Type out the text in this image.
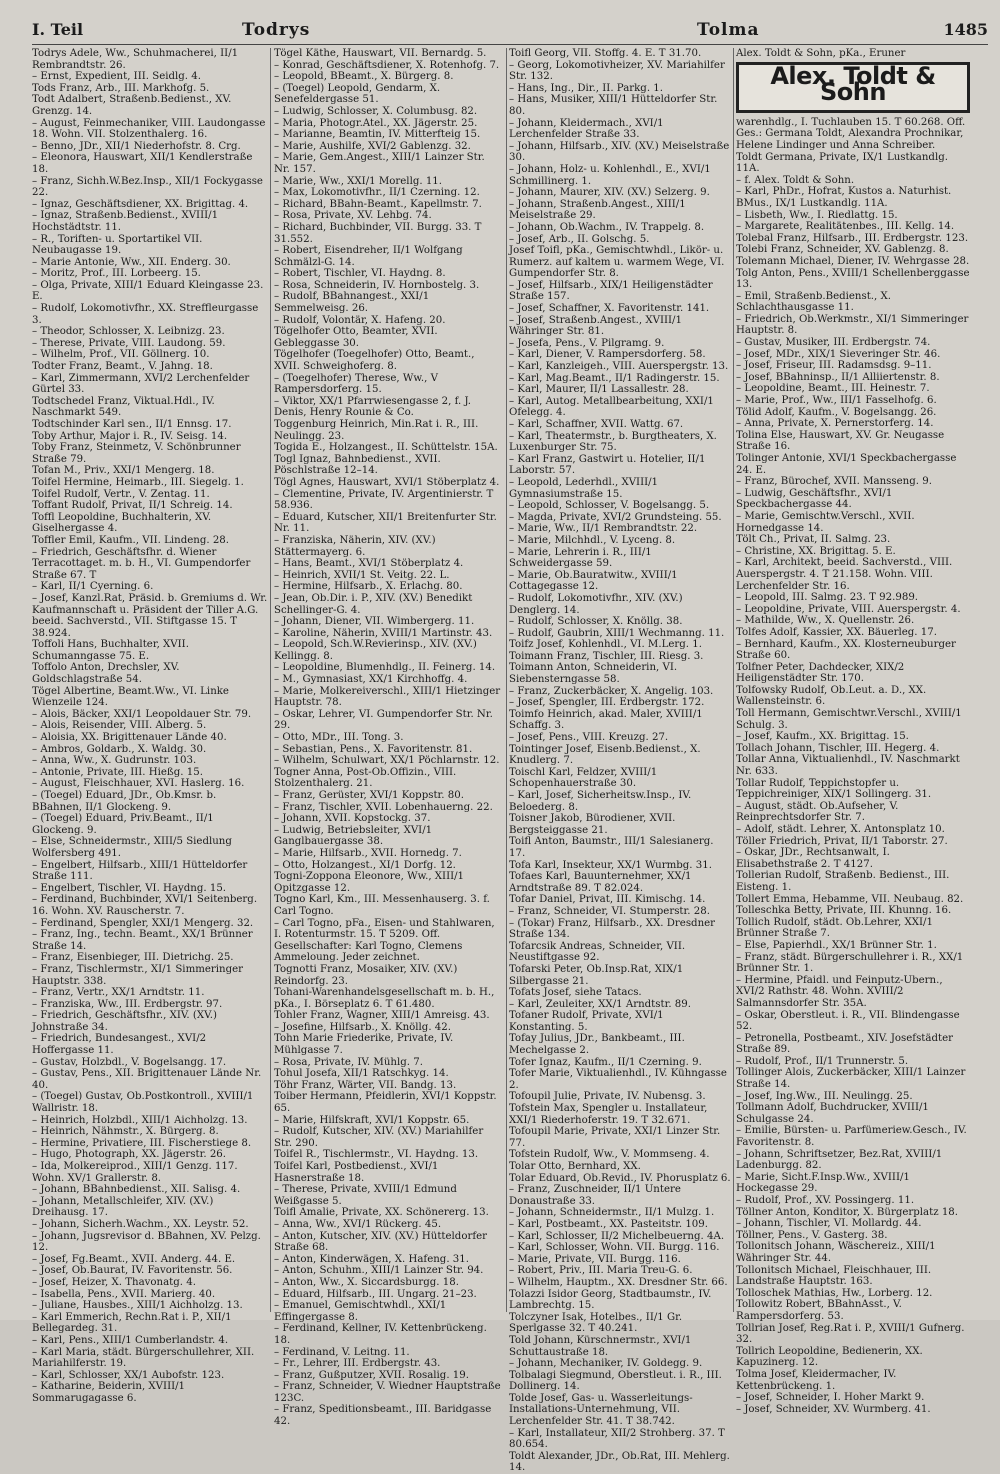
I. Teil	Todrys	Tolma	1485

Todrys Adele, Ww., Schuhmacherei, II/1 Rembrandtstr. 26.

– Ernst, Expedient, III. Seidlg. 4.

Tods Franz, Arb., III. Markhofg. 5.

Todt Adalbert, Straßenb.Bedienst., XV. Grenzg. 14.

– August, Feinmechaniker, VIII. Laudongasse 18. Wohn. VII. Stolzenthalerg. 16.

– Benno, JDr., XII/1 Niederhofstr. 8. Crg.

– Eleonora, Hauswart, XII/1 Kendlerstraße 18.

– Franz, Sichh.W.Bez.Insp., XII/1 Fockygasse 22.

– Ignaz, Geschäftsdiener, XX. Brigittag. 4.

– Ignaz, Straßenb.Bedienst., XVIII/1 Hochstädtstr. 11.

– R., Toriften- u. Sportartikel VII. Neubaugasse 19.

– Marie Antonie, Ww., XII. Enderg. 30.

– Moritz, Prof., III. Lorbeerg. 15.

– Olga, Private, XIII/1 Eduard Kleingasse 23. E.

– Rudolf, Lokomotivfhr., XX. Streffleurgasse 3.

– Theodor, Schlosser, X. Leibnizg. 23.

– Therese, Private, VIII. Laudong. 59.

– Wilhelm, Prof., VII. Göllnerg. 10.

Todter Franz, Beamt., V. Jahng. 18.

– Karl, Zimmermann, XVI/2 Lerchenfelder Gürtel 33.

Todtschedel Franz, Viktual.Hdl., IV. Naschmarkt 549.

Todtschinder Karl sen., II/1 Ennsg. 17.

Toby Arthur, Major i. R., IV. Seisg. 14.

Toby Franz, Steinmetz, V. Schönbrunner Straße 79.

Tofan M., Priv., XXI/1 Mengerg. 18.

Toifel Hermine, Heimarb., III. Siegelg. 1.

Toifel Rudolf, Vertr., V. Zentag. 11.

Toffant Rudolf, Privat, II/1 Schreig. 14.

Toffl Leopoldine, Buchhalterin, XV. Giselhergasse 4.

Toffler Emil, Kaufm., VII. Lindeng. 28.

– Friedrich, Geschäftsfhr. d. Wiener Terracottaget. m. b. H., VI. Gumpendorfer Straße 67. T

– Karl, II/1 Cyerning. 6.

– Josef, Kanzl.Rat, Präsid. b. Gremiums d. Wr. Kaufmannschaft u. Präsident der Tiller A.G. beeid. Sachverstd., VII. Stiftgasse 15. T 38.924.

Toffoli Hans, Buchhalter, XVII. Schumanngasse 75. E.

Toffolo Anton, Drechsler, XV. Goldschlagstraße 54.

Tögel Albertine, Beamt.Ww., VI. Linke Wienzeile 124.

– Alois, Bäcker, XXI/1 Leopoldauer Str. 79.

– Alois, Reisender, VIII. Alberg. 5.

– Aloisia, XX. Brigittenauer Lände 40.

– Ambros, Goldarb., X. Waldg. 30.

– Anna, Ww., X. Gudrunstr. 103.

– Antonie, Private, III. Hießg. 15.

– August, Fleischhauer, XVI. Haslerg. 16.

– (Toegel) Eduard, JDr., Ob.Kmsr. b. BBahnen, II/1 Glockeng. 9.

– (Toegel) Eduard, Priv.Beamt., II/1 Glockeng. 9.

– Else, Schneidermstr., XIII/5 Siedlung Wolfersberg 491.

– Engelbert, Hilfsarb., XIII/1 Hütteldorfer Straße 111.

– Engelbert, Tischler, VI. Haydng. 15.

– Ferdinand, Buchbinder, XVI/1 Seitenberg. 16. Wohn. XV. Rauscherstr. 7.

– Ferdinand, Spengler, XXI/1 Mengerg. 32.

– Franz, Ing., techn. Beamt., XX/1 Brünner Straße 14.

– Franz, Eisenbieger, III. Dietrichg. 25.

– Franz, Tischlermstr., XI/1 Simmeringer Hauptstr. 338.

– Franz, Vertr., XX/1 Arndtstr. 11.

– Franziska, Ww., III. Erdbergstr. 97.

– Friedrich, Geschäftsfhr., XIV. (XV.) Johnstraße 34.

– Friedrich, Bundesangest., XVI/2 Hoffergasse 11.

– Gustav, Holzbdl., V. Bogelsangg. 17.

– Gustav, Pens., XII. Brigittenauer Lände Nr. 40.

– (Toegel) Gustav, Ob.Postkontroll., XVIII/1 Wallristr. 18.

– Heinrich, Holzbdl., XIII/1 Aichholzg. 13.

– Heinrich, Nähmstr., X. Bürgerg. 8.

– Hermine, Privatiere, III. Fischerstiege 8.

– Hugo, Photograph, XX. Jägerstr. 26.

– Ida, Molkereiprod., XIII/1 Genzg. 117. Wohn. XV/1 Grallerstr. 8.

– Johann, BBahnbedienst., XII. Salisg. 4.

– Johann, Metallschleifer, XIV. (XV.) Dreihausg. 17.

– Johann, Sicherh.Wachm., XX. Leystr. 52.

– Johann, Jugsrevisor d. BBahnen, XV. Pelzg. 12.

– Josef, Fg.Beamt., XVII. Anderg. 44. E.

– Josef, Ob.Baurat, IV. Favoritenstr. 56.

– Josef, Heizer, X. Thavonatg. 4.

– Isabella, Pens., XVII. Marierg. 40.

– Juliane, Hausbes., XIII/1 Aichholzg. 13.

– Karl Emmerich, Rechn.Rat i. P., XII/1 Bellegardeg. 31.

– Karl, Pens., XIII/1 Cumberlandstr. 4.

– Karl Maria, städt. Bürgerschullehrer, XII. Mariahilferstr. 19.

– Karl, Schlosser, XX/1 Aubofstr. 123.

– Katharine, Beiderin, XVIII/1 Sommarugagasse 6.

Tögel Käthe, Hauswart, VII. Bernardg. 5.

– Konrad, Geschäftsdiener, X. Rotenhofg. 7.

– Leopold, BBeamt., X. Bürgerg. 8.

– (Toegel) Leopold, Gendarm, X. Senefeldergasse 51.

– Ludwig, Schlosser, X. Columbusg. 82.

– Maria, Photogr.Atel., XX. Jägerstr. 25.

– Marianne, Beamtin, IV. Mitterfteig 15.

– Marie, Aushilfe, XVI/2 Gablenzg. 32.

– Marie, Gem.Angest., XIII/1 Lainzer Str. Nr. 157.

– Marie, Ww., XXI/1 Morellg. 11.

– Max, Lokomotivfhr., II/1 Czerning. 12.

– Richard, BBahn-Beamt., Kapellmstr. 7.

– Rosa, Private, XV. Lehbg. 74.

– Richard, Buchbinder, VII. Burgg. 33. T 31.552.

– Robert, Eisendreher, II/1 Wolfgang Schmälzl-G. 14.

– Robert, Tischler, VI. Haydng. 8.

– Rosa, Schneiderin, IV. Hornbostelg. 3.

– Rudolf, BBahnangest., XXI/1 Semmelweisg. 26.

– Rudolf, Volontär, X. Hafeng. 20.

Tögelhofer Otto, Beamter, XVII. Gebleggasse 30.

Tögelhofer (Toegelhofer) Otto, Beamt., XVII. Schweighoferg. 8.

– (Toegelhofer) Therese, Ww., V Rampersdorferg. 15.

– Viktor, XX/1 Pfarrwiesengasse 2, f. J. Denis, Henry Rounie & Co.

Toggenburg Heinrich, Min.Rat i. R., III. Neulingg. 23.

Togida E., Holzangest., II. Schüttelstr. 15A.

Togl Ignaz, Bahnbedienst., XVII. Pöschlstraße 12–14.

Tögl Agnes, Hauswart, XVI/1 Stöberplatz 4.

– Clementine, Private, IV. Argentinierstr. T 58.936.

– Eduard, Kutscher, XII/1 Breitenfurter Str. Nr. 11.

– Franziska, Näherin, XIV. (XV.) Stättermayerg. 6.

– Hans, Beamt., XVI/1 Stöberplatz 4.

– Heinrich, XVII/1 St. Veitg. 22. L.

– Hermine, Hilfsarb., X. Erlachg. 80.

– Jean, Ob.Dir. i. P., XIV. (XV.) Benedikt Schellinger-G. 4.

– Johann, Diener, VII. Wimbergerg. 11.

– Karoline, Näherin, XVIII/1 Martinstr. 43.

– Leopold, Sch.W.Revierinsp., XIV. (XV.) Kellingg. 8.

– Leopoldine, Blumenhdlg., II. Feinerg. 14.

– M., Gymnasiast, XX/1 Kirchhoffg. 4.

– Marie, Molkereiverschl., XIII/1 Hietzinger Hauptstr. 78.

– Oskar, Lehrer, VI. Gumpendorfer Str. Nr. 29.

– Otto, MDr., III. Tong. 3.

– Sebastian, Pens., X. Favoritenstr. 81.

– Wilhelm, Schulwart, XX/1 Pöchlarnstr. 12.

Togner Anna, Post-Ob.Offizin., VIII. Stolzenthalerg. 21.

– Franz, Gerüster, XVI/1 Koppstr. 80.

– Franz, Tischler, XVII. Lobenhauerng. 22.

– Johann, XVII. Kopstockg. 37.

– Ludwig, Betriebsleiter, XVI/1 Ganglbauergasse 38.

– Marie, Hilfsarb., XVII. Hornedg. 7.

– Otto, Holzangest., XI/1 Dorfg. 12.

Togni-Zoppona Eleonore, Ww., XIII/1 Opitzgasse 12.

Togno Karl, Km., III. Messenhauserg. 3. f. Carl Togno.

– Carl Togno, pFa., Eisen- und Stahlwaren, I. Rotenturmstr. 15. T 5209. Off. Gesellschafter: Karl Togno, Clemens Ammeloung. Jeder zeichnet.

Tognotti Franz, Mosaiker, XIV. (XV.) Reindorfg. 23.

Tohani-Warenhandelsgesellschaft m. b. H., pKa., I. Börseplatz 6. T 61.480.

Tohler Franz, Wagner, XIII/1 Amreisg. 43.

– Josefine, Hilfsarb., X. Knöllg. 42.

Tohn Marie Friederike, Private, IV. Mühlgasse 7.

– Rosa, Private, IV. Mühlg. 7.

Tohul Josefa, XII/1 Ratschkyg. 14.

Töhr Franz, Wärter, VII. Bandg. 13.

Toiber Hermann, Pfeidlerin, XVI/1 Koppstr. 65.

– Marie, Hilfskraft, XVI/1 Koppstr. 65.

– Rudolf, Kutscher, XIV. (XV.) Mariahilfer Str. 290.

Toifel R., Tischlermstr., VI. Haydng. 13.

Toifel Karl, Postbedienst., XVI/1 Hasnerstraße 18.

– Therese, Private, XVIII/1 Edmund Weißgasse 5.

Toifl Amalie, Private, XX. Schönererg. 13.

– Anna, Ww., XVI/1 Rückerg. 45.

– Anton, Kutscher, XIV. (XV.) Hütteldorfer Straße 68.

– Anton, Kinderwägen, X. Hafeng. 31.

– Anton, Schuhm., XIII/1 Lainzer Str. 94.

– Anton, Ww., X. Siccardsburgg. 18.

– Eduard, Hilfsarb., III. Ungarg. 21–23.

– Emanuel, Gemischtwhdl., XXI/1 Effingergasse 8.

– Ferdinand, Kellner, IV. Kettenbrückeng. 18.

– Ferdinand, V. Leitng. 11.

– Fr., Lehrer, III. Erdbergstr. 43.

– Franz, Gußputzer, XVII. Rosalig. 19.

– Franz, Schneider, V. Wiedner Hauptstraße 123C.

– Franz, Speditionsbeamt., III. Baridgasse 42.

Toifl Georg, VII. Stoffg. 4. E. T 31.70.

– Georg, Lokomotivheizer, XV. Mariahilfer Str. 132.

– Hans, Ing., Dir., II. Parkg. 1.

– Hans, Musiker, XIII/1 Hütteldorfer Str. 80.

– Johann, Kleidermach., XVI/1 Lerchenfelder Straße 33.

– Johann, Hilfsarb., XIV. (XV.) Meiselstraße 30.

– Johann, Holz- u. Kohlenhdl., E., XVI/1 Schmillinerg. 1.

– Johann, Maurer, XIV. (XV.) Selzerg. 9.

– Johann, Straßenb.Angest., XIII/1 Meiselstraße 29.

– Johann, Ob.Wachm., IV. Trappelg. 8.

– Josef, Arb., II. Golschg. 5.

Josef Toifl, pKa., Gemischtwhdl., Likör- u. Rumerz. auf kaltem u. warmem Wege, VI. Gumpendorfer Str. 8.

– Josef, Hilfsarb., XIX/1 Heiligenstädter Straße 157.

– Josef, Schaffner, X. Favoritenstr. 141.

– Josef, Straßenb.Angest., XVIII/1 Währinger Str. 81.

– Josefa, Pens., V. Pilgramg. 9.

– Karl, Diener, V. Rampersdorferg. 58.

– Karl, Kanzleigeh., VIII. Auerspergstr. 13.

– Karl, Mag.Beamt., II/1 Radingerstr. 15.

– Karl, Maurer, II/1 Lassallestr. 28.

– Karl, Autog. Metallbearbeitung, XXI/1 Ofelegg. 4.

– Karl, Schaffner, XVII. Wattg. 67.

– Karl, Theatermstr., b. Burgtheaters, X. Luxenburger Str. 75.

– Karl Franz, Gastwirt u. Hotelier, II/1 Laborstr. 57.

– Leopold, Lederhdl., XVIII/1 Gymnasiumstraße 15.

– Leopold, Schlosser, V. Bogelsangg. 5.

– Magda, Private, XVI/2 Grundsteing. 55.

– Marie, Ww., II/1 Rembrandtstr. 22.

– Marie, Milchhdl., V. Lyceng. 8.

– Marie, Lehrerin i. R., III/1 Schweidergasse 59.

– Marie, Ob.Bauratwitw., XVIII/1 Cottagegasse 12.

– Rudolf, Lokomotivfhr., XIV. (XV.) Denglerg. 14.

– Rudolf, Schlosser, X. Knöllg. 38.

– Rudolf, Gaubrin, XIII/1 Wechmanng. 11.

Toifz Josef, Kohlenhdl., VI. M.Lerg. 1.

Toimann Franz, Tischler, III. Riesg. 3.

Toimann Anton, Schneiderin, VI. Siebensterngasse 58.

– Franz, Zuckerbäcker, X. Angelig. 103.

– Josef, Spengler, III. Erdbergstr. 172.

Toimfo Heinrich, akad. Maler, XVIII/1 Schaffg. 3.

– Josef, Pens., VIII. Kreuzg. 27.

Tointinger Josef, Eisenb.Bedienst., X. Knudlerg. 7.

Toischl Karl, Feldzer, XVIII/1 Schopenhauerstraße 30.

– Karl, Josef, Sicherheitsw.Insp., IV. Beloederg. 8.

Toisner Jakob, Bürodiener, XVII. Bergsteiggasse 21.

Toifl Anton, Baumstr., III/1 Salesianerg. 17.

Tofa Karl, Insekteur, XX/1 Wurmbg. 31.

Tofaes Karl, Bauunternehmer, XX/1 Arndtstraße 89. T 82.024.

Tofar Daniel, Privat, III. Kimischg. 14.

– Franz, Schneider, VI. Stumperstr. 28.

– (Tokar) Franz, Hilfsarb., XX. Dresdner Straße 134.

Tofarcsik Andreas, Schneider, VII. Neustiftgasse 92.

Tofarski Peter, Ob.Insp.Rat, XIX/1 Silbergasse 21.

Tofats Josef, siehe Tatacs.

– Karl, Zeuleiter, XX/1 Arndtstr. 89.

Tofaner Rudolf, Private, XVI/1 Konstanting. 5.

Tofay Julius, JDr., Bankbeamt., III. Mechelgasse 2.

Tofer Ignaz, Kaufm., II/1 Czerning. 9.

Tofer Marie, Viktualienhdl., IV. Kühngasse 2.

Tofoupil Julie, Private, IV. Nubensg. 3.

Tofstein Max, Spengler u. Installateur, XXI/1 Riederhoferstr. 19. T 32.671.

Tofoupil Marie, Private, XXI/1 Linzer Str. 77.

Tofstein Rudolf, Ww., V. Mommseng. 4.

Tolar Otto, Bernhard, XX.

Tolar Eduard, Ob.Revid., IV. Phorusplatz 6.

– Franz, Zuschneider, II/1 Untere Donaustraße 33.

– Johann, Schneidermstr., II/1 Mulzg. 1.

– Karl, Postbeamt., XX. Pasteitstr. 109.

– Karl, Schlosser, II/2 Michelbeuerng. 4A.

– Karl, Schlosser, Wohn. VII. Burgg. 116.

– Marie, Private, VII. Burgg. 116.

– Robert, Priv., III. Maria Treu-G. 6.

– Wilhelm, Hauptm., XX. Dresdner Str. 66.

Tolazzi Isidor Georg, Stadtbaumstr., IV. Lambrechtg. 15.

Tolczyner Isak, Hotelbes., II/1 Gr. Sperlgasse 32. T 40.241.

Told Johann, Kürschnermstr., XVI/1 Schuttaustraße 18.

– Johann, Mechaniker, IV. Goldegg. 9.

Tolbalagi Siegmund, Oberstleut. i. R., III. Dollinerg. 14.

Tolde Josef, Gas- u. Wasserleitungs-Installations-Unternehmung, VII. Lerchenfelder Str. 41. T 38.742.

– Karl, Installateur, XII/2 Strohberg. 37. T 80.654.

Toldt Alexander, JDr., Ob.Rat, III. Mehlerg. 14.

Alex. Toldt & Sohn, pKa., Eruner

Alex. Toldt & Sohn

warenhdlg., I. Tuchlauben 15. T 60.268. Off. Ges.: Germana Toldt, Alexandra Prochnikar, Helene Lindinger und Anna Schreiber.

Toldt Germana, Private, IX/1 Lustkandlg. 11A.

– f. Alex. Toldt & Sohn.

– Karl, PhDr., Hofrat, Kustos a. Naturhist. BMus., IX/1 Lustkandlg. 11A.

– Lisbeth, Ww., I. Riedlattg. 15.

– Margarete, Realitätenbes., III. Kellg. 14.

Tolebal Franz, Hilfsarb., III. Erdbergstr. 123.

Tolebi Franz, Schneider, XV. Gablenzg. 8.

Tolemann Michael, Diener, IV. Wehrgasse 28.

Tolg Anton, Pens., XVIII/1 Schellenberggasse 13.

– Emil, Straßenb.Bedienst., X. Schlachthausgasse 11.

– Friedrich, Ob.Werkmstr., XI/1 Simmeringer Hauptstr. 8.

– Gustav, Musiker, III. Erdbergstr. 74.

– Josef, MDr., XIX/1 Sieveringer Str. 46.

– Josef, Friseur, III. Radamsdsg. 9–11.

– Josef, BBahninsp., II/1 Alliiertenstr. 8.

– Leopoldine, Beamt., III. Heinestr. 7.

– Marie, Prof., Ww., III/1 Fasselhofg. 6.

Tölid Adolf, Kaufm., V. Bogelsangg. 26.

– Anna, Private, X. Pernerstorferg. 14.

Tolina Else, Hauswart, XV. Gr. Neugasse Straße 16.

Tolinger Antonie, XVI/1 Speckbachergasse 24. E.

– Franz, Bürochef, XVII. Mansseng. 9.

– Ludwig, Geschäftsfhr., XVI/1 Speckbachergasse 44.

– Marie, Gemischtw.Verschl., XVII. Hornedgasse 14.

Tölt Ch., Privat, II. Salmg. 23.

– Christine, XX. Brigittag. 5. E.

– Karl, Architekt, beeid. Sachverstd., VIII. Auerspergstr. 4. T 21.158. Wohn. VIII. Lerchenfelder Str. 16.

– Leopold, III. Salmg. 23. T 92.989.

– Leopoldine, Private, VIII. Auerspergstr. 4.

– Mathilde, Ww., X. Quellenstr. 26.

Tolfes Adolf, Kassier, XX. Bäuerleg. 17.

– Bernhard, Kaufm., XX. Klosterneuburger Straße 60.

Tolfner Peter, Dachdecker, XIX/2 Heiligenstädter Str. 170.

Tolfowsky Rudolf, Ob.Leut. a. D., XX. Wallensteinstr. 6.

Toll Hermann, Gemischtwr.Verschl., XVIII/1 Schulg. 3.

– Josef, Kaufm., XX. Brigittag. 15.

Tollach Johann, Tischler, III. Hegerg. 4.

Tollar Anna, Viktualienhdl., IV. Naschmarkt Nr. 633.

Tollar Rudolf, Teppichstopfer u. Teppichreiniger, XIX/1 Sollingerg. 31.

– August, städt. Ob.Aufseher, V. Reinprechtsdorfer Str. 7.

– Adolf, städt. Lehrer, X. Antonsplatz 10.

Töller Friedrich, Privat, II/1 Taborstr. 27.

– Oskar, JDr., Rechtsanwalt, I. Elisabethstraße 2. T 4127.

Tollerian Rudolf, Straßenb. Bedienst., III. Eisteng. 1.

Tollert Emma, Hebamme, VII. Neubaug. 82.

Tolleschka Betty, Private, III. Khunng. 16.

Tollich Rudolf, städt. Ob.Lehrer, XXI/1 Brünner Straße 7.

– Else, Papierhdl., XX/1 Brünner Str. 1.

– Franz, städt. Bürgerschullehrer i. R., XX/1 Brünner Str. 1.

– Hermine, Pfaidl. und Feinputz-Ubern., XVI/2 Rathstr. 48. Wohn. XVIII/2 Salmannsdorfer Str. 35A.

– Oskar, Oberstleut. i. R., VII. Blindengasse 52.

– Petronella, Postbeamt., XIV. Josefstädter Straße 89.

– Rudolf, Prof., II/1 Trunnerstr. 5.

Tollinger Alois, Zuckerbäcker, XIII/1 Lainzer Straße 14.

– Josef, Ing.Ww., III. Neulingg. 25.

Tollmann Adolf, Buchdrucker, XVIII/1 Schulgasse 24.

– Emilie, Bürsten- u. Parfümeriew.Gesch., IV. Favoritenstr. 8.

– Johann, Schriftsetzer, Bez.Rat, XVIII/1 Ladenburgg. 82.

– Marie, Sicht.F.Insp.Ww., XVIII/1 Hockegasse 29.

– Rudolf, Prof., XV. Possingerg. 11.

Töllner Anton, Konditor, X. Bürgerplatz 18.

– Johann, Tischler, VI. Mollardg. 44.

Töllner, Pens., V. Gasterg. 38.

Tollonitsch Johann, Wäschereiz., XIII/1 Währinger Str. 44.

Tollonitsch Michael, Fleischhauer, III. Landstraße Hauptstr. 163.

Tolloschek Mathias, Hw., Lorberg. 12.

Tollowitz Robert, BBahnAsst., V. Rampersdorferg. 53.

Tollrian Josef, Reg.Rat i. P., XVIII/1 Gufnerg. 32.

Tollrich Leopoldine, Bedienerin, XX. Kapuzinerg. 12.

Tolma Josef, Kleidermacher, IV. Kettenbrückeng. 1.

– Josef, Schneider, I. Hoher Markt 9.

– Josef, Schneider, XV. Wurmberg. 41.
